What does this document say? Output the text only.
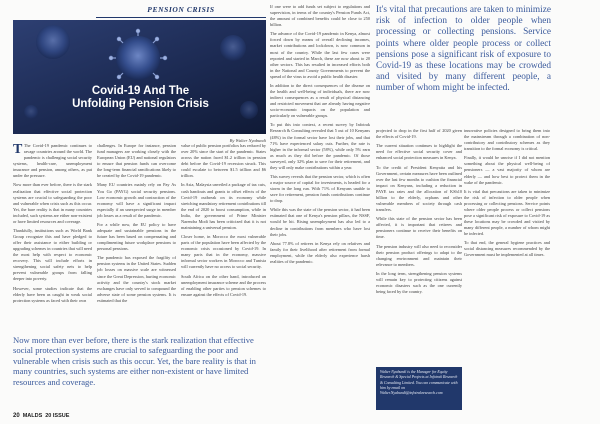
PENSION CRISIS
Covid-19 And The
Unfolding Pension Crisis
By Walter Nyabundi

T The Covid-19 pandemic continues to ravage countries around the world. The pandemic is challenging social security systems, health-care, unemployment insurance and pension, among others, as put under the pressure.

Now more than ever before, there is the stark realization that effective social protection systems are crucial to safeguarding the poor and vulnerable when crisis such as this occur. Yet, the bare reality is that in many countries included, such systems are either non-existent or have limited resources and coverage.

Thankfully, institutions such as World Bank Group recognize this and have pledged to offer their assistance to either building or upgrading schemes in countries that will need the most help with respect to economic recovery. This will include efforts in strengthening social safety nets to help prevent vulnerable groups from falling deeper into poverty.

However, some studies indicate that the elderly have been as caught in weak social protection systems as faced with their own

challenges. In Europe for instance, pension fund managers are working closely with the European Union (EU) and national regulators to ensure that pension funds can overcome the long-term financial ramifications likely to be created by the Covid-19 pandemic.

Many EU countries mainly rely on Pay As You Go (PAYG) social security pensions. Low economic growth and contraction of the economy will have a significant impact especially if an unexpected surge in member job losses as a result of the pandemic.

For a while now, the EU policy to have adequate and sustainable pensions in the future has been based on compensating and complimenting future workplace pensions to personal pensions.

The pandemic has exposed the fragility of pension systems in the United States. Sudden job losses on massive scale are witnessed since the Great Depression, hurting economic activity and the country's stock market exchanges have only served to compound the adverse state of some pension systems. It is estimated that the

value of public pension portfolios has reduced by over 20% since the start of the pandemic. States across the nation faced $1.2 trillion in pension debt before the Covid-19 recession struck. This could escalate to between $1.5 trillion and $6 trillion.

In Asia, Malaysia unveiled a package of tax cuts, cash handouts and grants to offset effects of the Covid-19 outbreak on its economy while stretching mandatory retirement contributions till the end of 2020 to boost consumption, while in India, the government of Prime Minister Narendra Modi has been criticized that it is not maintaining a universal pension.

Closer home, in Morocco the most vulnerable parts of the population have been affected by the economic crisis occasioned by Covid-19. In many parts that in the economy, massive informal sector workers in Morocco and Tunisia will currently have no access to social security.

South Africa on the other hand, introduced an unemployment insurance scheme and the process of enabling other parties to pension schemes to ensure against the effects of Covid-19.

Now more than ever before, there is the stark realization that effective social protection systems are crucial to safeguarding the poor and vulnerable when crisis such as this occur. Yet, the bare reality is that in many countries, such systems are either non-existent or have limited resources and coverage.

If one were to add funds set subject to regulations and supervision, in terms of the country's Pension Funds Act, the amount of combined benefits could be close to 250 billion.

The advance of the Covid-19 pandemic in Kenya, almost forced down by means of overall declining incomes, market contributions and lockdown, is now common in most of the country. While the last few cases were reported and started in March, these are now about to 20 other sectors. This has resulted in increased efforts both in the National and County Governments to prevent the spread of the virus to avoid a public health disaster.

In addition to the direct consequences of the disease on the health and well-being of individuals, there are now indirect consequences as a result of physical distancing and restricted movement that are already having negative socio-economic impacts on the population and particularly on vulnerable groups.

To put this into context, a recent survey by Infotrak Research & Consulting revealed that 5 out of 10 Kenyans (48%) in the formal sector have lost their jobs, and that 71% have experienced salary cuts. Further, the rate is higher in the informal sector (58%), while only 5% earn as much as they did before the pandemic. Of those surveyed, only 32% plan to save for their retirement, and they will only make contributions within a year.

This survey reveals that the pension sector, which is often a major source of capital for investments, is headed for a storm in the long run. With 71% of Kenyans unable to save for retirement, pension funds contributions continue to drop.

While this was the state of the pension sector, it had been estimated that one of Kenya's pension pillars, the NSSF, would be hit. Rising unemployment has also led to a decline in contributions from members who have lost their jobs.

About 77.8% of retirees in Kenya rely on relatives and family for their livelihood after retirement from formal employment, while the elderly also experience harsh realities of the pandemic.

It's vital that precautions are taken to minimize risk of infection to older people when processing or collecting pensions. Service points where older people process or collect pensions pose a significant risk of exposure to Covid-19 as these locations may be crowded and visited by many different people, a number of whom might be infected.

projected to drop in the first half of 2020 given the effects of Covid-19.

The current situation continues to highlight the need for effective social security cover and enhanced social protection measures in Kenya.

To the credit of President Kenyatta and his Government, certain measures have been outlined over the last few months to cushion the financial impact on Kenyans, including a reduction in PAYE tax rates and the allocation of KSh10 billion to the elderly, orphans and other vulnerable members of society through cash transfers.

While this state of the pension sector has been affected, it is important that retirees and pensioners continue to receive their benefits on time.

The pension industry will also need to reconsider their pension product offerings to adapt to the changing environment and maintain their relevance to members.

In the long term, strengthening pension systems will remain key to protecting citizens against economic disasters such as the one currently being faced by the country.

innovative policies designed to bring them into the mainstream through a combination of non-contributory and contributory schemes as they transition to the formal economy is critical.

Finally, it would be unwise if I did not mention something about the physical well-being of pensioners — a vast majority of whom are elderly — and how best to protect them in the wake of the pandemic.

It is vital that precautions are taken to minimize the risk of infection to older people when processing or collecting pensions. Service points where older people process or collect pensions pose a significant risk of exposure to Covid-19 as these locations may be crowded and visited by many different people, a number of whom might be infected.

To that end, the general hygiene practices and social distancing measures recommended by the Government must be implemented at all times.

Walter Nyabundi is the Manager for Equity Research & Special Projects at Infotrak Research & Consulting Limited. You can communicate with him by email on Walter.Nyabundi@infotrakresearch.com
20 MALDS 20 ISSUE
